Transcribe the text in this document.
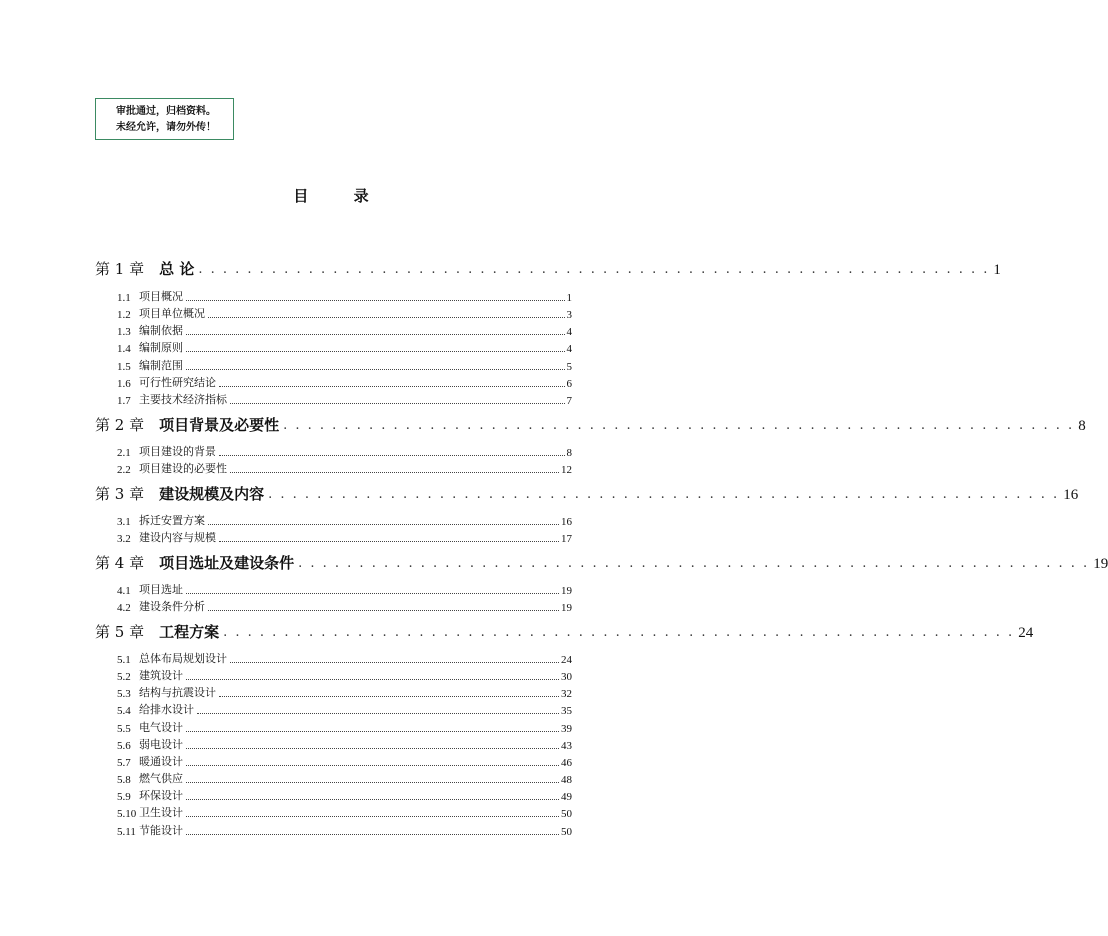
审批通过，归档资料。
未经允许，请勿外传！
目 录
第 1 章 总 论 . . . . . . . . . . . . . . . . . . . . . . . . . . . . . . . . . . . . . . . . . . . . . . . . . . . . . . . . . . . . . . . . . 1
1.1 项目概况	1
1.2 项目单位概况	3
1.3 编制依据	4
1.4 编制原则	4
1.5 编制范围	5
1.6 可行性研究结论	6
1.7 主要技术经济指标	7
第 2 章 项目背景及必要性 . . . . . . . . . . . . . . . . . . . . . . . . . . . . . . . . . . . . . . . . . . . . . . . . . . . . . . . . . . . . . . . . . 8
2.1 项目建设的背景	8
2.2 项目建设的必要性	12
第 3 章 建设规模及内容 . . . . . . . . . . . . . . . . . . . . . . . . . . . . . . . . . . . . . . . . . . . . . . . . . . . . . . . . . . . . . . . . . 16
3.1 拆迁安置方案	16
3.2 建设内容与规模	17
第 4 章 项目选址及建设条件 . . . . . . . . . . . . . . . . . . . . . . . . . . . . . . . . . . . . . . . . . . . . . . . . . . . . . . . . . . . . . . . . . 19
4.1 项目选址	19
4.2 建设条件分析	19
第 5 章 工程方案 . . . . . . . . . . . . . . . . . . . . . . . . . . . . . . . . . . . . . . . . . . . . . . . . . . . . . . . . . . . . . . . . . 24
5.1 总体布局规划设计	24
5.2 建筑设计	30
5.3 结构与抗震设计	32
5.4 给排水设计	35
5.5 电气设计	39
5.6 弱电设计	43
5.7 暖通设计	46
5.8 燃气供应	48
5.9 环保设计	49
5.10 卫生设计	50
5.11 节能设计	50
